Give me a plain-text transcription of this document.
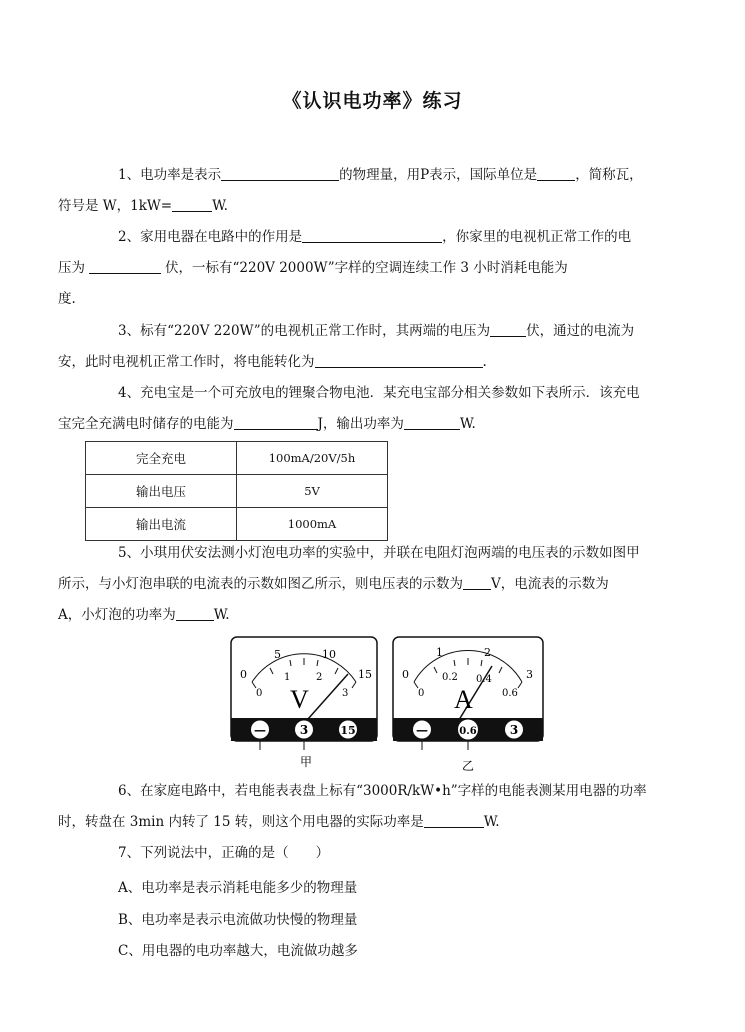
《认识电功率》练习
1、电功率是表示	的物理量，用P表示，国际单位是	，简称瓦，
符号是 W，1kW=	W.
2、家用电器在电路中的作用是	，你家里的电视机正常工作的电
压为	伏，一标有“220V 2000W”字样的空调连续工作 3 小时消耗电能为
度.
3、标有“220V 220W”的电视机正常工作时，其两端的电压为	伏，通过的电流为
安，此时电视机正常工作时，将电能转化为	.
4、充电宝是一个可充放电的锂聚合物电池．某充电宝部分相关参数如下表所示．该充电
宝完全充满电时储存的电能为	J，输出功率为	W.
完全充电	100mA/20V/5h
输出电压	5V
输出电流	1000mA
5、小琪用伏安法测小灯泡电功率的实验中，并联在电阻灯泡两端的电压表的示数如图甲
所示，与小灯泡串联的电流表的示数如图乙所示，则电压表的示数为 V，电流表的示数为
A，小灯泡的功率为	W.
0
5	10
15
0
1	2
3
V
—	3	15
甲
0
1	2
3
0
0.2 0.4
0.6
A
—	0.6	3
乙
6、在家庭电路中，若电能表表盘上标有“3000R/kW•h”字样的电能表测某用电器的功率
时，转盘在 3min 内转了 15 转，则这个用电器的实际功率是	W.
7、下列说法中，正确的是（　　）
A、电功率是表示消耗电能多少的物理量
B、电功率是表示电流做功快慢的物理量
C、用电器的电功率越大，电流做功越多
